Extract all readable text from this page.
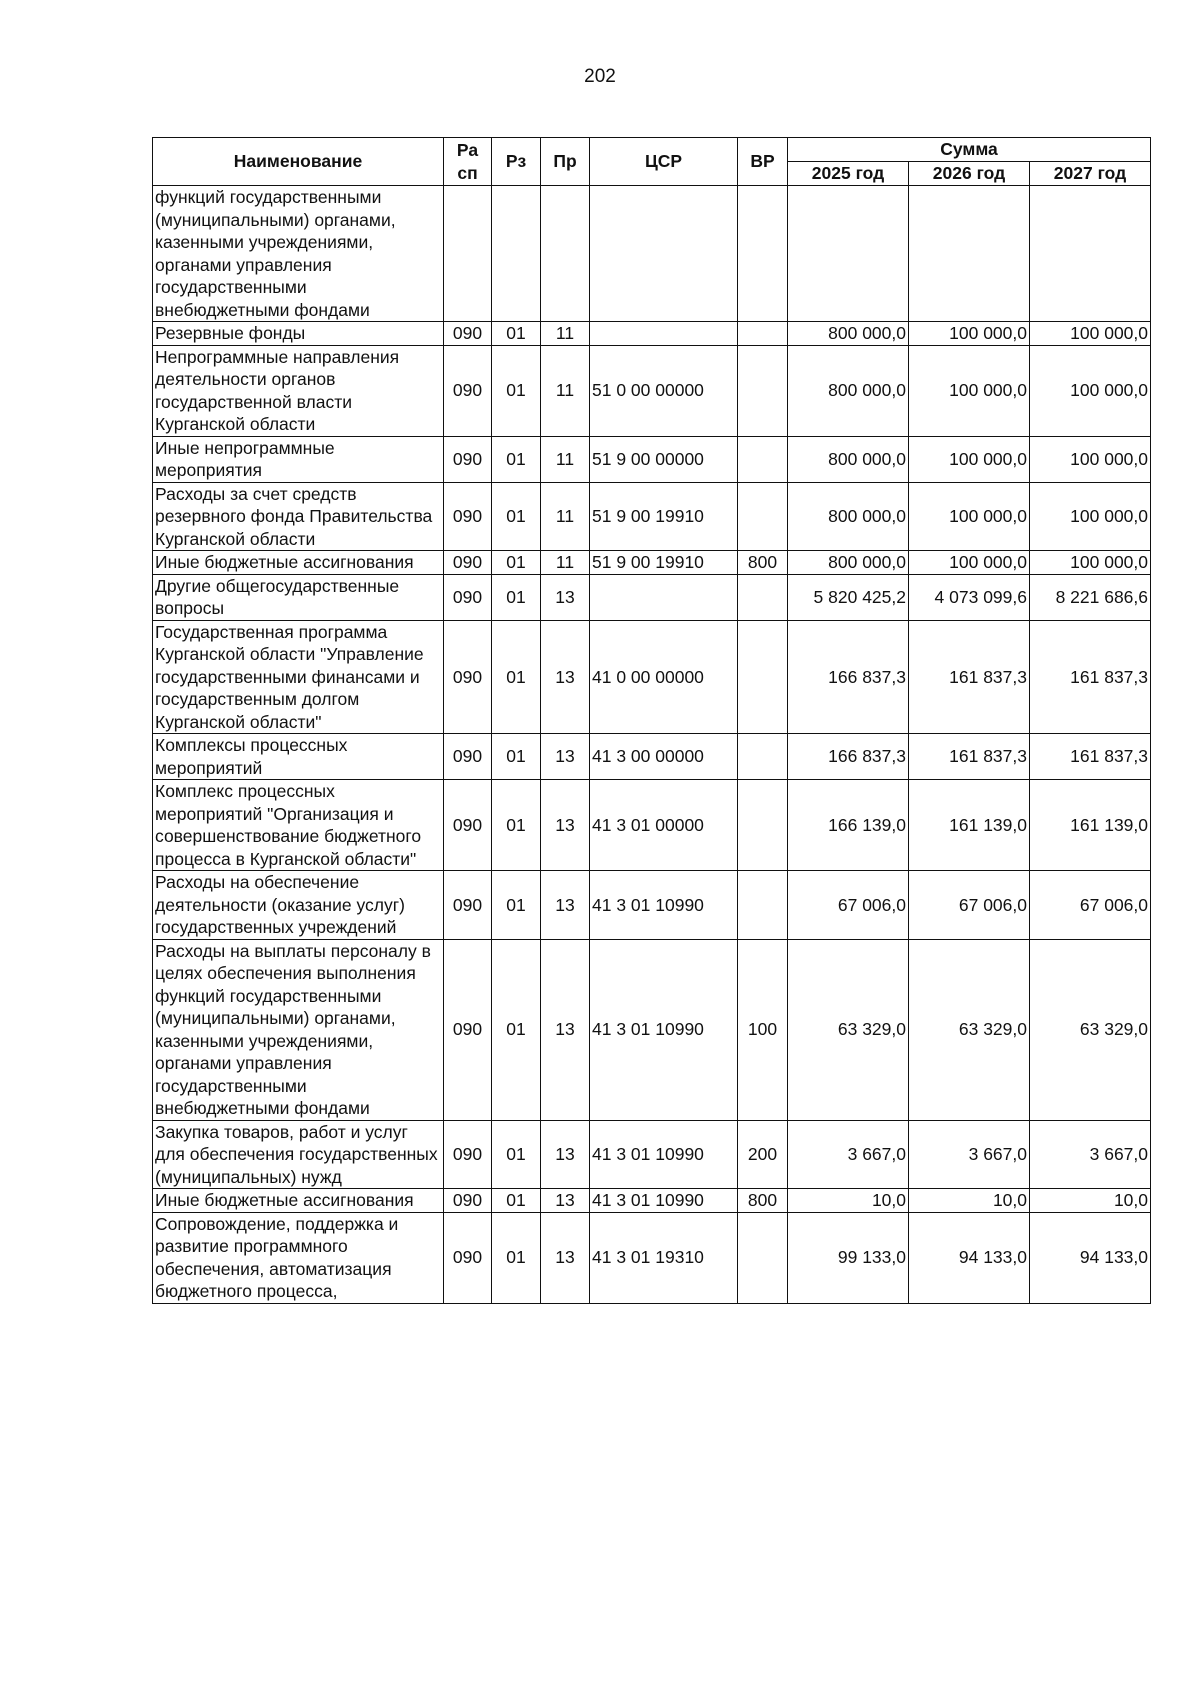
202
Наименование	Ра сп	Рз	Пр	ЦСР	ВР	Сумма		
						2025 год	2026 год	2027 год
функций государственными (муниципальными) органами, казенными учреждениями, органами управления государственными внебюджетными фондами								
Резервные фонды	090	01	11			800 000,0	100 000,0	100 000,0
Непрограммные направления деятельности органов государственной власти Курганской области	090	01	11	51 0 00 00000		800 000,0	100 000,0	100 000,0
Иные непрограммные мероприятия	090	01	11	51 9 00 00000		800 000,0	100 000,0	100 000,0
Расходы за счет средств резервного фонда Правительства Курганской области	090	01	11	51 9 00 19910		800 000,0	100 000,0	100 000,0
Иные бюджетные ассигнования	090	01	11	51 9 00 19910	800	800 000,0	100 000,0	100 000,0
Другие общегосударственные вопросы	090	01	13			5 820 425,2	4 073 099,6	8 221 686,6
Государственная программа Курганской области "Управление государственными финансами и государственным долгом Курганской области"	090	01	13	41 0 00 00000		166 837,3	161 837,3	161 837,3
Комплексы процессных мероприятий	090	01	13	41 3 00 00000		166 837,3	161 837,3	161 837,3
Комплекс процессных мероприятий "Организация и совершенствование бюджетного процесса в Курганской области"	090	01	13	41 3 01 00000		166 139,0	161 139,0	161 139,0
Расходы на обеспечение деятельности (оказание услуг) государственных учреждений	090	01	13	41 3 01 10990		67 006,0	67 006,0	67 006,0
Расходы на выплаты персоналу в целях обеспечения выполнения функций государственными (муниципальными) органами, казенными учреждениями, органами управления государственными внебюджетными фондами	090	01	13	41 3 01 10990	100	63 329,0	63 329,0	63 329,0
Закупка товаров, работ и услуг для обеспечения государственных (муниципальных) нужд	090	01	13	41 3 01 10990	200	3 667,0	3 667,0	3 667,0
Иные бюджетные ассигнования	090	01	13	41 3 01 10990	800	10,0	10,0	10,0
Сопровождение, поддержка и развитие программного обеспечения, автоматизация бюджетного процесса,	090	01	13	41 3 01 19310		99 133,0	94 133,0	94 133,0
